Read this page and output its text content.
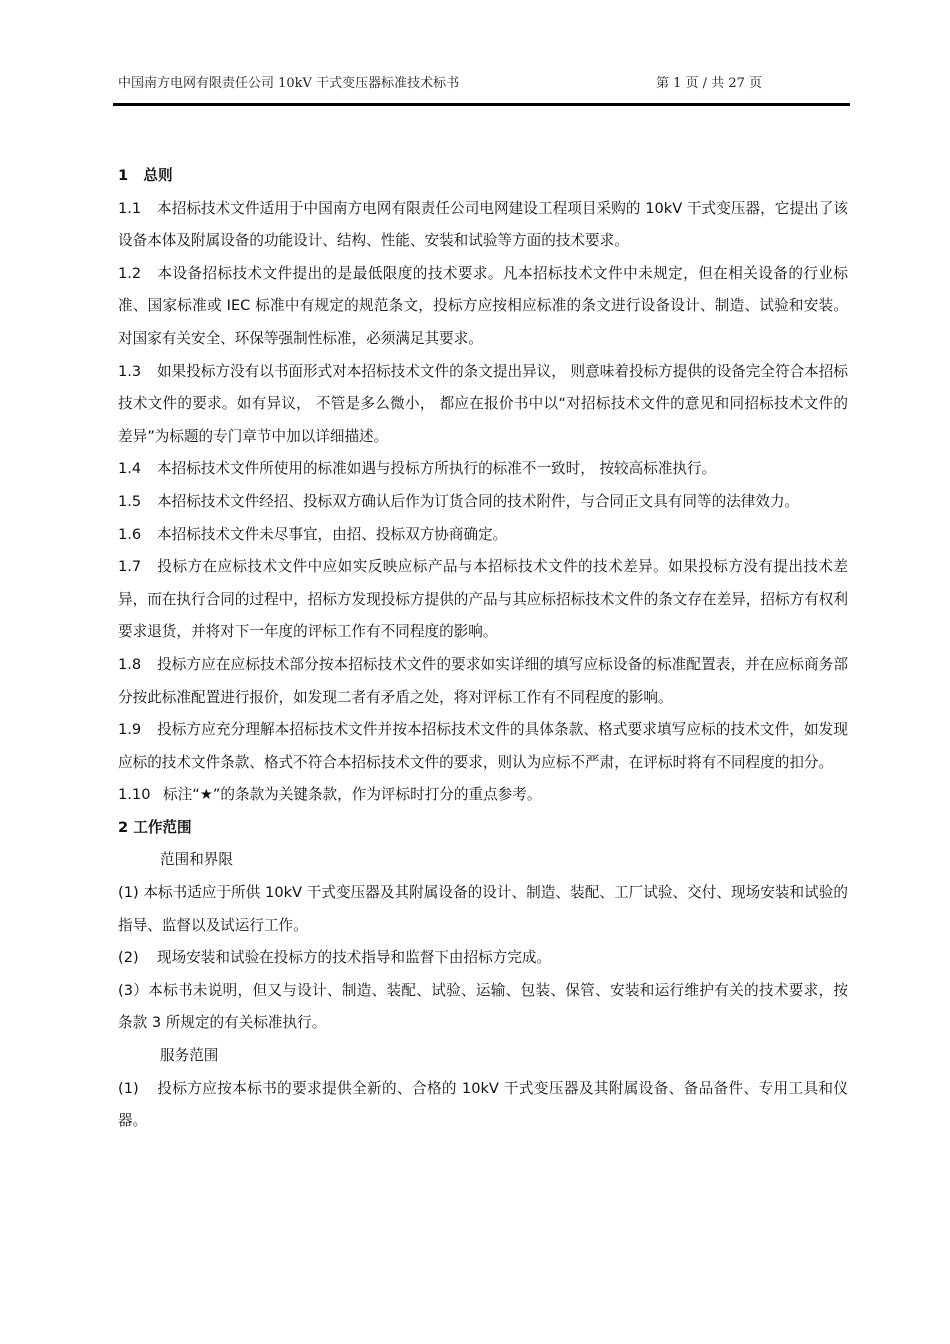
中国南方电网有限责任公司 10kV 干式变压器标准技术标书	第 1 页 / 共 27 页

1 总则

1.1 本招标技术文件适用于中国南方电网有限责任公司电网建设工程项目采购的 10kV 干式变压器，它提出了该设备本体及附属设备的功能设计、结构、性能、安装和试验等方面的技术要求。

1.2 本设备招标技术文件提出的是最低限度的技术要求。凡本招标技术文件中未规定，但在相关设备的行业标准、国家标准或 IEC 标准中有规定的规范条文，投标方应按相应标准的条文进行设备设计、制造、试验和安装。对国家有关安全、环保等强制性标准，必须满足其要求。

1.3 如果投标方没有以书面形式对本招标技术文件的条文提出异议， 则意味着投标方提供的设备完全符合本招标技术文件的要求。如有异议， 不管是多么微小， 都应在报价书中以“对招标技术文件的意见和同招标技术文件的差异”为标题的专门章节中加以详细描述。

1.4 本招标技术文件所使用的标准如遇与投标方所执行的标准不一致时， 按较高标准执行。

1.5 本招标技术文件经招、投标双方确认后作为订货合同的技术附件，与合同正文具有同等的法律效力。

1.6 本招标技术文件未尽事宜，由招、投标双方协商确定。

1.7 投标方在应标技术文件中应如实反映应标产品与本招标技术文件的技术差异。如果投标方没有提出技术差异，而在执行合同的过程中，招标方发现投标方提供的产品与其应标招标技术文件的条文存在差异，招标方有权利要求退货，并将对下一年度的评标工作有不同程度的影响。

1.8 投标方应在应标技术部分按本招标技术文件的要求如实详细的填写应标设备的标准配置表，并在应标商务部分按此标准配置进行报价，如发现二者有矛盾之处，将对评标工作有不同程度的影响。

1.9 投标方应充分理解本招标技术文件并按本招标技术文件的具体条款、格式要求填写应标的技术文件，如发现应标的技术文件条款、格式不符合本招标技术文件的要求，则认为应标不严肃，在评标时将有不同程度的扣分。

1.10 标注“★”的条款为关键条款，作为评标时打分的重点参考。

2 工作范围

范围和界限

(1) 本标书适应于所供 10kV 干式变压器及其附属设备的设计、制造、装配、工厂试验、交付、现场安装和试验的指导、监督以及试运行工作。

(2) 现场安装和试验在投标方的技术指导和监督下由招标方完成。

(3）本标书未说明，但又与设计、制造、装配、试验、运输、包装、保管、安装和运行维护有关的技术要求，按条款 3 所规定的有关标准执行。

服务范围

(1) 投标方应按本标书的要求提供全新的、合格的 10kV 干式变压器及其附属设备、备品备件、专用工具和仪器。
